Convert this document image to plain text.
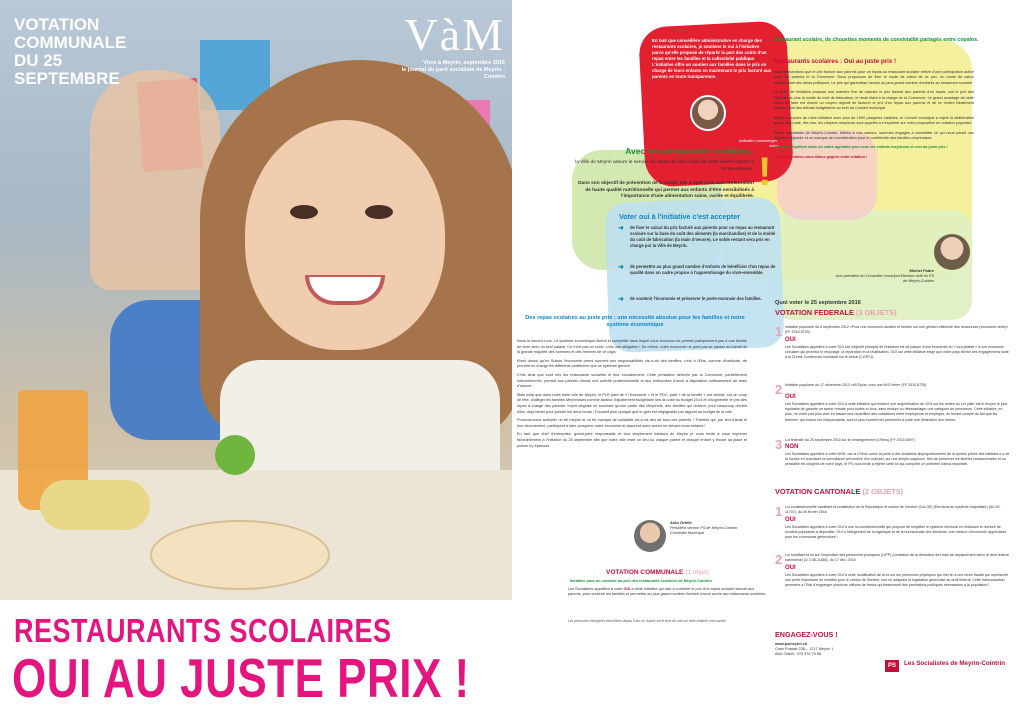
VOTATION COMMUNALE DU 25 SEPTEMBRE
VàM
Vivre à Meyrin, septembre 2016
le journal du parti socialiste de Meyrin - Cointrin
RESTAURANTS SCOLAIRES
OUI AU JUSTE PRIX !
En tant que conseillère administrative en charge des restaurants scolaires, je soutiens le oui à l'initiative parce qu'elle propose de répartir la part des coûts d'un repas entre les familles et la collectivité publique. L'initiative offre un soutien aux familles dans le prix en charge de leurs enfants en maintenant le prix facturé aux parents en toute transparence.
Nathalie Leuenberger,
maire
Avec ses restaurants scolaires,
la Ville de Meyrin assure le service du repas de midi à plus de 1000 élèves inscrits à l'école primaire.
Dans son objectif de prévention de la santé, elle a opté pour une restauration de haute qualité nutritionnelle qui permet aux enfants d'être sensibilisés à l'importance d'une alimentation saine, variée et équilibrée.
!
Voter oui à l'initiative c'est accepter
➜ de fixer le calcul du prix facturé aux parents pour un repas au restaurant scolaire sur la base du coût des aliments (la marchandise) et de la moitié du coût de fabrication (la main d'oeuvre). Le solde restant sera pris en charge par la Ville de Meyrin.
➜ de permettre au plus grand nombre d'enfants de bénéficier d'un repas de qualité dans un cadre propice à l'apprentissage du vivre-ensemble.
➜ de soutenir l'économie et préserver le porte-monnaie des familles.
Des repas scolaires au juste prix : une nécessité absolue pour les familles et notre système économique

Nous le savons tous. Le système économique libéral et compétitif dans lequel nous évoluons ne permet pratiquement pas à une famille de vivre avec un seul salaire. Ce n'est pas un choix, c'est une obligation ! De même, notre économie ne peut pas se passer du travail de la grande majorité des hommes et des femmes de ce pays.

Etant donné qu'en Suisse l'économie prend souvent ses responsabilités vis-à-vis des familles, c'est à l'Etat, comme d'habitude, de prendre en charge les différents problèmes que ce système génère.

C'est ainsi que sont nés les restaurants scolaires et leur encadrement. Cette prestation délivrée par la Commune, partiellement subventionnée, permet aux parents d'avoir une activité professionnelle et aux entreprises d'avoir à disposition suffisamment de main d'oeuvre.

Mais voilà que dans notre belle ville de Meyrin, le PLR parti de « l'économie » et le PDC, parti « de la famille » ont décidé, sur un coup de tête, d'alléger les familles Meyrinoises comme facteur d'ajustement budgétaire lors du vote du budget 2014 et d'augmenter le prix des repas à charge des parents. Impôt déguisé ne touchant qu'une partie des Meyrinois, des familles qui doivent, pour beaucoup d'entre elles, déjà ramer pour joindre les deux bouts ! D'autant plus cynique que le gain est négligeable par rapport au budget de la ville.

Pouvons-nous accepter un tel mépris et un tel manque de solidarité vis-à-vis des de tous ces parents ? Parents qui, par leur travail et leur dévouement, participent à faire prospérer notre économie et assurent notre avenir en élevant leurs enfants !

En tant que chef d'entreprise, grand-père responsable et tout simplement habitant de Meyrin je vous invite à vous exprimer favorablement à l'initiative du 25 septembre afin que notre ville reste un lieu où chaque parent et chaque enfant y trouve sa place et puisse s'y épanouir.

Aldo Ortelli
Président section PS de Meyrin-Cointrin Conseiller Municipal
VOTATION COMMUNALE (1 objet)
Initiative pour un contrôle du prix des restaurants scolaires de Meyrin-Cointrin
Les Socialistes appellent à voter OUI à cette initiative qui vise à contrôler le prix d'un repas scolaire facturé aux parents, pour soutenir les familles et permettre au plus grand nombre d'enfant d'avoir accès aux restaurants scolaires.
Les personnes étrangères domiciliées depuis 8 ans en Suisse ont le droit de vote sur cette initiative communale.
Restaurant scolaire, de chouettes moments de convivialité partagés entre copains.
Restaurants scolaires : Oui au juste prix !

Nous demandons que le prix facturé aux parents pour un repas au restaurant scolaire relève d'une participation active entre les parents et la Commune. Nous proposons de fixer le mode de calcul de ce prix, un mode de calcul indépendant des aléas politiques. Le prix qui garantisse l'accès au plus grand nombre d'enfants au restaurant scolaire.

Le texte de l'initiative propose une manière fixe de calculer le prix facturé aux parents d'un repas, soit le prix des ingrédients plus la moitié du coût de fabrication, le reste étant à la charge de la Commune. Le grand avantage de cette façon de faire est d'avoir un moyen objectif de facturer le prix d'un repas aux parents et de se rendre totalement indépendant des débats budgétaires au sein du Conseil municipal.

Après le succès de notre initiative avec plus de 1500 paraphes valables, le Conseil municipal a rejeté la délibération qui en découlait, dès lors, les citoyens meyrinois sont appelés à s'exprimer sur notre proposition en votation populaire.

Nous, Socialistes de Meyrin-Cointrin, fidèles à nos valeurs, sommes engagés à combattre ce qui nous paraît une injustice flagrante et un manque de considération pour le portefeuille des familles meyrinoises.

Un repas équilibré dans un cadre agréable pour tous les enfants meyrinois et ceci au juste prix !

Tous ensembles nous allons gagner cette votation !

Michel Fabre
vice-président du Conseiller municipal Membre actif du PS de Meyrin-Cointrin
Quoi voter le 25 septembre 2016
VOTATION FEDERALE (3 OBJETS)
1 Initiative populaire du 6 septembre 2012 «Pour une économie durable et fondée sur une gestion efficiente des ressources (économie verte)» (FF 2015 8729)
OUI
Les Socialistes appellent à voter OUI car l'objectif principal de l'initiative est de passer d'une économie du « tout-jetable » à une économie circulaire qui promeut le recyclage, la réparation et la réutilisation. OUI car cette initiative exige que notre pays tienne ses engagements suite à la 21ème Conférence mondiale sur le climat (COP21).
2 Initiative populaire du 17 décembre 2013 «AVSplus: pour une AVS forte» (FF 2015 8725)
OUI
Les Socialistes appellent à voter OUI à cette initiative qui réclame une augmentation de 10% sur les rentes du 1er pilier est le moyen le plus équitable de garantir un avenir retraite pour toutes et tous, sans exclure ou désavantager une catégorie de personnes. Cette initiative, en plus, ne coûte pas plus cher en faisant une répartition des cotisations entre employeurs et employés, en tenant compte du fait que les femmes, qui encore les indépendants, sont le plus souvent les premières à subir une diminution des rentes.
3 Loi fédérale du 25 septembre 2015 sur le renseignement (LRens) (FF 2015 6597)
NON
Les Socialistes appellent à voter NON, car la LRens ouvre la porte à des violations disproportionnées de la sphère privée des habitant-e-s de la Suisse en autorisant la surveillance préventive d'un individu, sur une simple suspicion. Afin de préserver les libertés fondamentales et au préalable les citoyens de notre pays, le PS vous invite à rejeter cette loi qui comporte un potentiel d'abus important.
VOTATION CANTONALE (2 OBJETS)
1 Loi constitutionnelle modifiant la constitution de la République et canton de Genève (Cst-GE) (Elections au système majoritaire) (A2 00-11707), du 26 février 2016
OUI
Les Socialistes appellent à voter OUI à une loi constitutionnelle qui propose de simplifier le système électoral en réduisant le nombre de scrutins populaires à dépouiller. OUI à l'allègement de la logistique et de la bureaucratie des élections, une mesure d'économie appréciable pour les communes genevoises !
2 Loi modifiant la loi sur l'imposition des personnes physiques (LIPP) (Limitation de la déduction des frais de déplacement selon le droit fédéral harmonisé) (D 3 08-11685), du 17 déc. 2015
OUI
Les Socialistes appellent à voter OUI à cette modification de la loi sur les personnes physiques qui met fin à une niche fiscale qui représente une perte importante de recettes pour le canton de Genève, tout en adaptant la législation genevoise au droit fédéral. Cette harmonisation permettra à l'Etat d'engranger plusieurs millions de francs qui financeront des prestations publiques nécessaires à la population !
ENGAGEZ-VOUS !
www.psmeyrin.ch
Case Postale 236 – 1217 Meyrin 1
Aldo Ortelli : 079 378 75 86
PS	Les Socialistes de Meyrin-Cointrin
